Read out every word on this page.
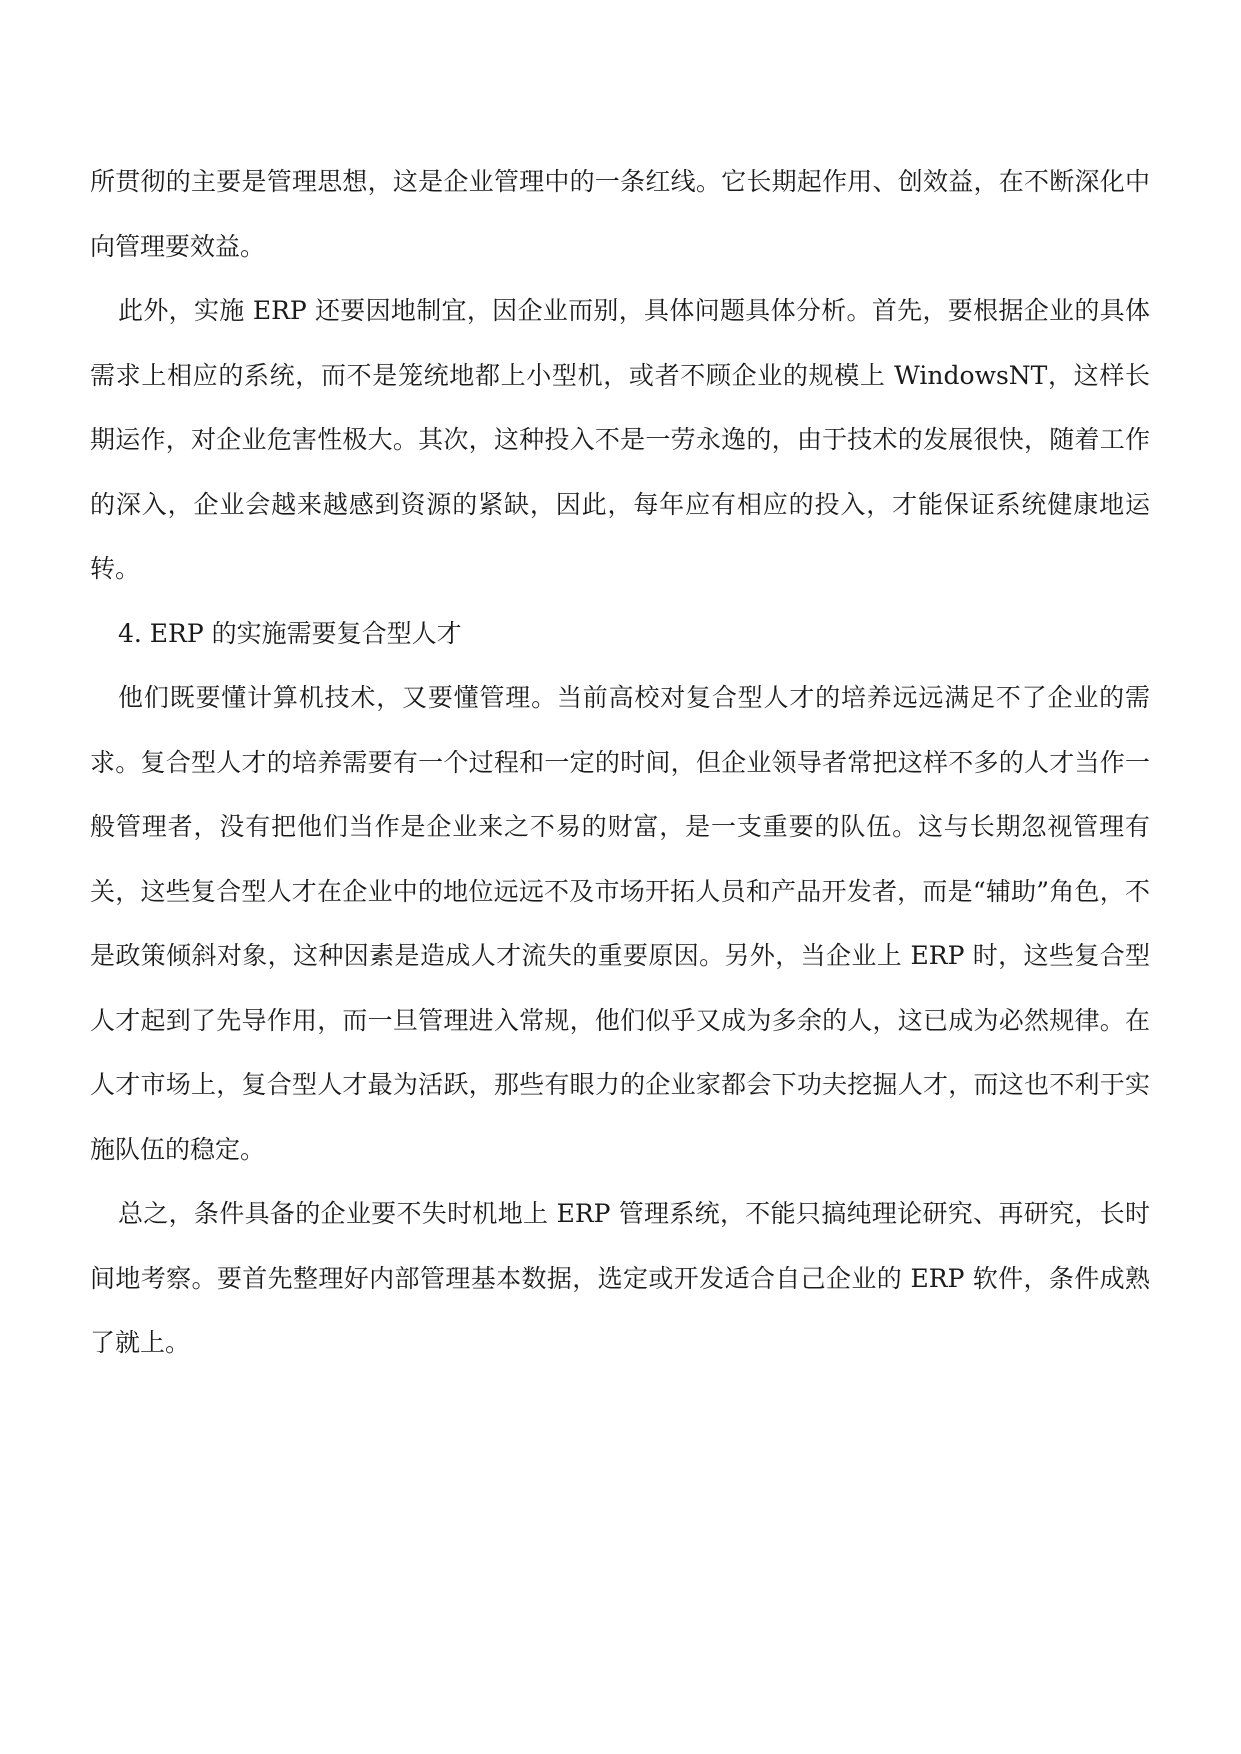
所贯彻的主要是管理思想，这是企业管理中的一条红线。它长期起作用、创效益，在不断深化中向管理要效益。

此外，实施 ERP 还要因地制宜，因企业而别，具体问题具体分析。首先，要根据企业的具体需求上相应的系统，而不是笼统地都上小型机，或者不顾企业的规模上 WindowsNT，这样长期运作，对企业危害性极大。其次，这种投入不是一劳永逸的，由于技术的发展很快，随着工作的深入，企业会越来越感到资源的紧缺，因此，每年应有相应的投入，才能保证系统健康地运转。

4. ERP 的实施需要复合型人才

他们既要懂计算机技术，又要懂管理。当前高校对复合型人才的培养远远满足不了企业的需求。复合型人才的培养需要有一个过程和一定的时间，但企业领导者常把这样不多的人才当作一般管理者，没有把他们当作是企业来之不易的财富，是一支重要的队伍。这与长期忽视管理有关，这些复合型人才在企业中的地位远远不及市场开拓人员和产品开发者，而是“辅助”角色，不是政策倾斜对象，这种因素是造成人才流失的重要原因。另外，当企业上 ERP 时，这些复合型人才起到了先导作用，而一旦管理进入常规，他们似乎又成为多余的人，这已成为必然规律。在人才市场上，复合型人才最为活跃，那些有眼力的企业家都会下功夫挖掘人才，而这也不利于实施队伍的稳定。

总之，条件具备的企业要不失时机地上 ERP 管理系统，不能只搞纯理论研究、再研究，长时间地考察。要首先整理好内部管理基本数据，选定或开发适合自己企业的 ERP 软件，条件成熟了就上。
